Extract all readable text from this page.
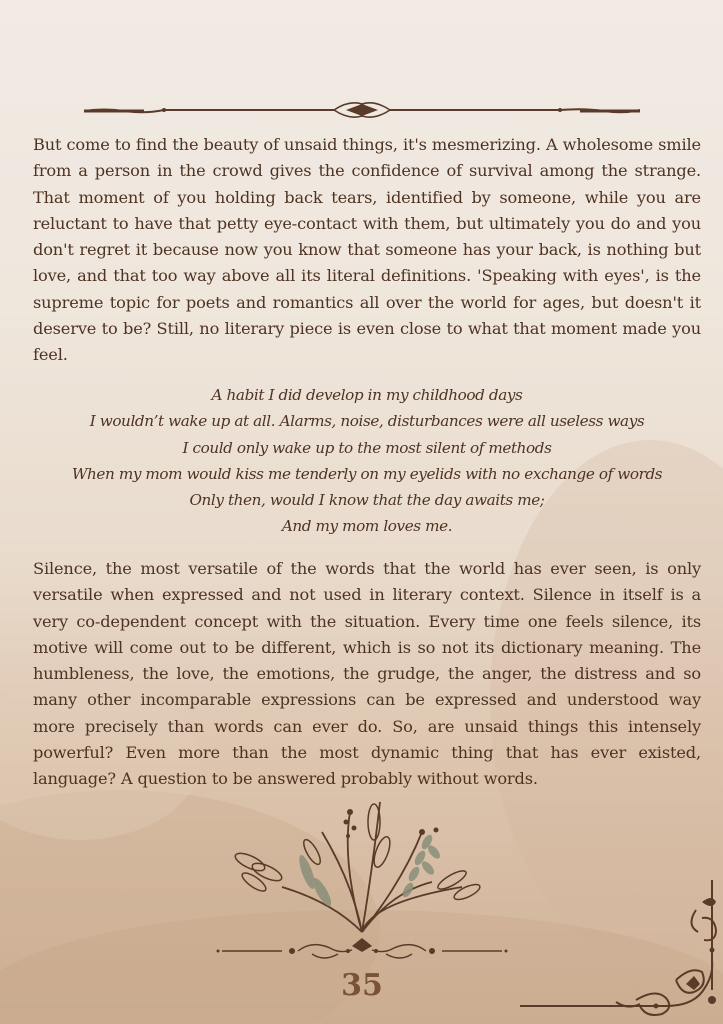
But come to find the beauty of unsaid things, it's mesmerizing. A wholesome smile from a person in the crowd gives the confidence of survival among the strange. That moment of you holding back tears, identified by someone, while you are reluctant to have that petty eye-contact with them, but ultimately you do and you don't regret it because now you know that someone has your back, is nothing but love, and that too way above all its literal definitions. 'Speaking with eyes', is the supreme topic for poets and romantics all over the world for ages, but doesn't it deserve to be? Still, no literary piece is even close to what that moment made you feel.

A habit I did develop in my childhood days
I wouldn’t wake up at all. Alarms, noise, disturbances were all useless ways
I could only wake up to the most silent of methods
When my mom would kiss me tenderly on my eyelids with no exchange of words
Only then, would I know that the day awaits me;
And my mom loves me.

Silence, the most versatile of the words that the world has ever seen, is only versatile when expressed and not used in literary context. Silence in itself is a very co-dependent concept with the situation. Every time one feels silence, its motive will come out to be different, which is so not its dictionary meaning. The humbleness, the love, the emotions, the grudge, the anger, the distress and so many other incomparable expressions can be expressed and understood way more precisely than words can ever do. So, are unsaid things this intensely powerful? Even more than the most dynamic thing that has ever existed, language? A question to be answered probably without words.

35
